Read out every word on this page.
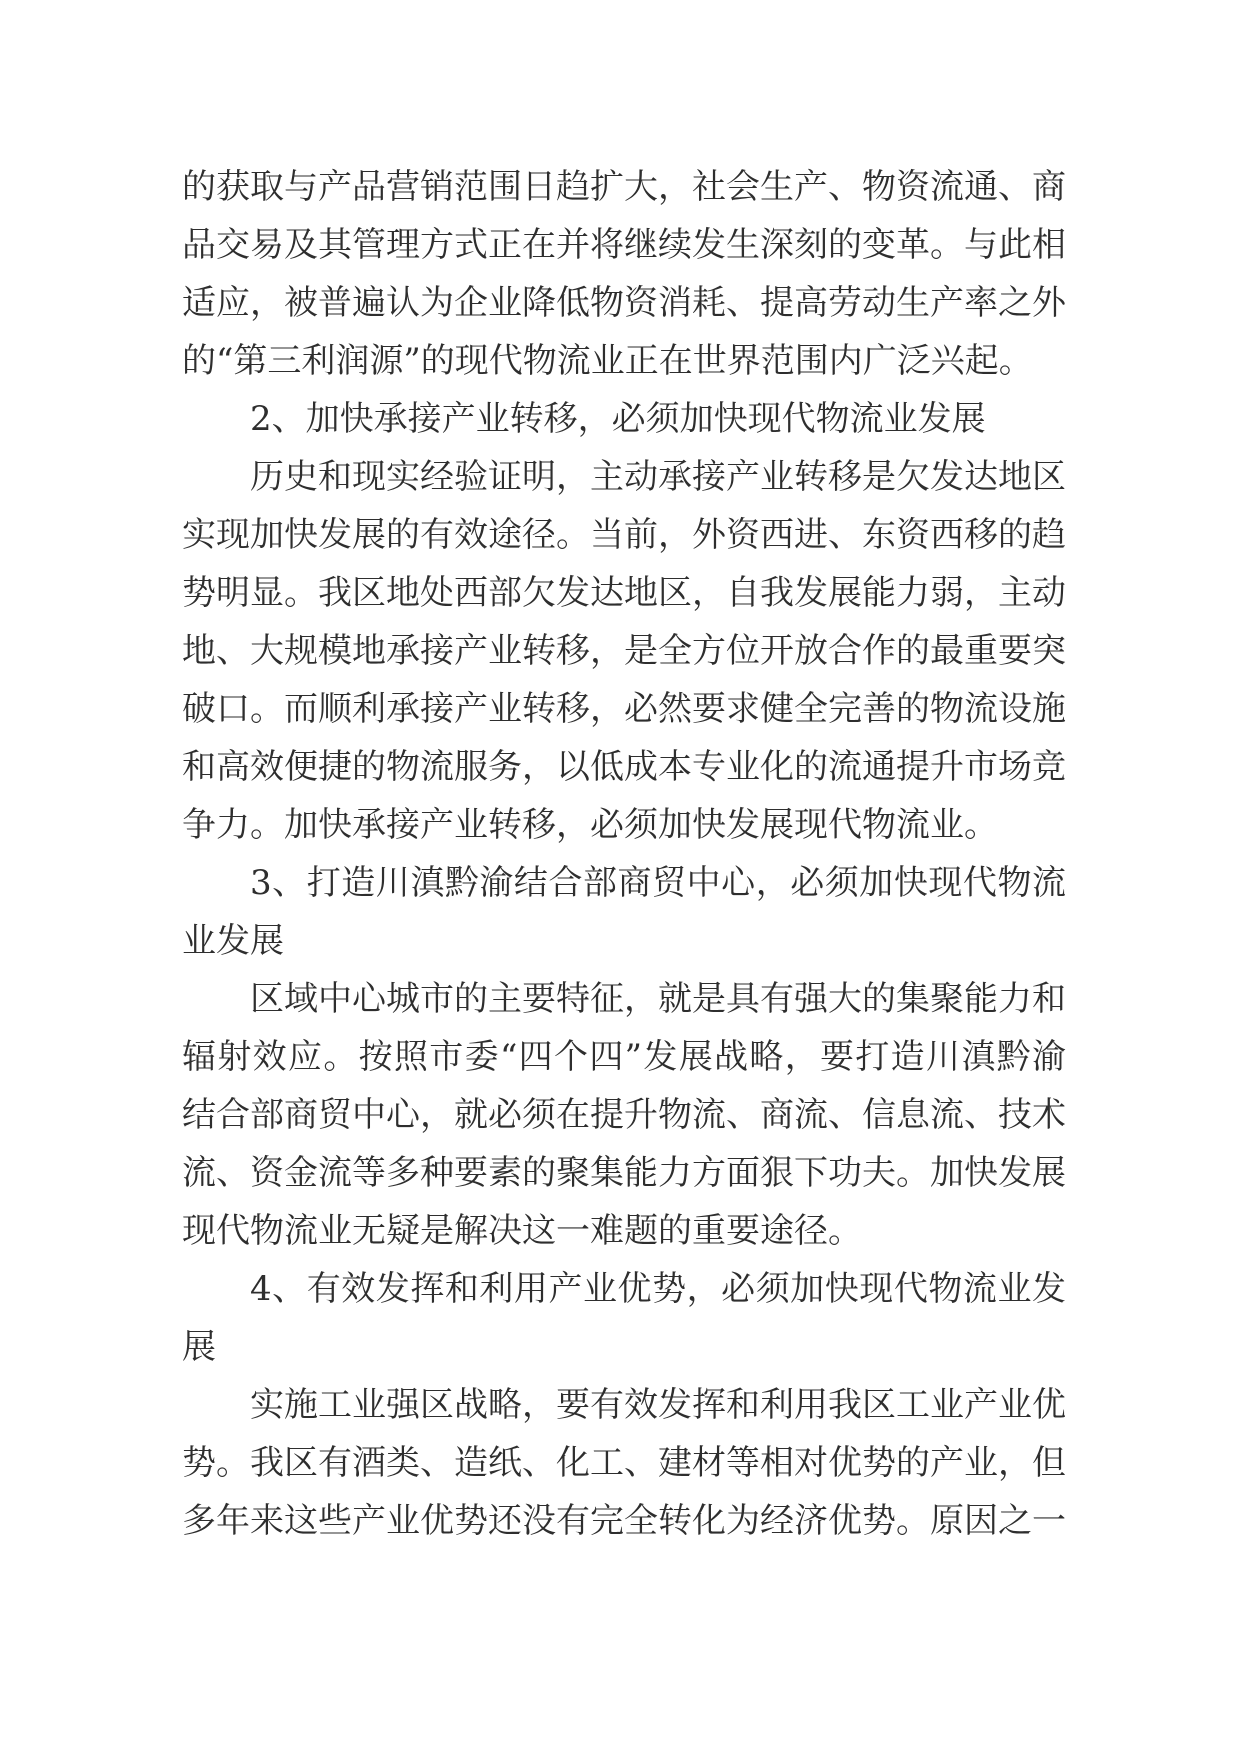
的获取与产品营销范围日趋扩大，社会生产、物资流通、商
品交易及其管理方式正在并将继续发生深刻的变革。与此相
适应，被普遍认为企业降低物资消耗、提高劳动生产率之外
的“第三利润源”的现代物流业正在世界范围内广泛兴起。
2、加快承接产业转移，必须加快现代物流业发展
历史和现实经验证明，主动承接产业转移是欠发达地区
实现加快发展的有效途径。当前，外资西进、东资西移的趋
势明显。我区地处西部欠发达地区，自我发展能力弱，主动
地、大规模地承接产业转移，是全方位开放合作的最重要突
破口。而顺利承接产业转移，必然要求健全完善的物流设施
和高效便捷的物流服务，以低成本专业化的流通提升市场竞
争力。加快承接产业转移，必须加快发展现代物流业。
3、打造川滇黔渝结合部商贸中心，必须加快现代物流
业发展
区域中心城市的主要特征，就是具有强大的集聚能力和
辐射效应。按照市委“四个四”发展战略，要打造川滇黔渝
结合部商贸中心，就必须在提升物流、商流、信息流、技术
流、资金流等多种要素的聚集能力方面狠下功夫。加快发展
现代物流业无疑是解决这一难题的重要途径。
4、有效发挥和利用产业优势，必须加快现代物流业发
展
实施工业强区战略，要有效发挥和利用我区工业产业优
势。我区有酒类、造纸、化工、建材等相对优势的产业，但
多年来这些产业优势还没有完全转化为经济优势。原因之一
